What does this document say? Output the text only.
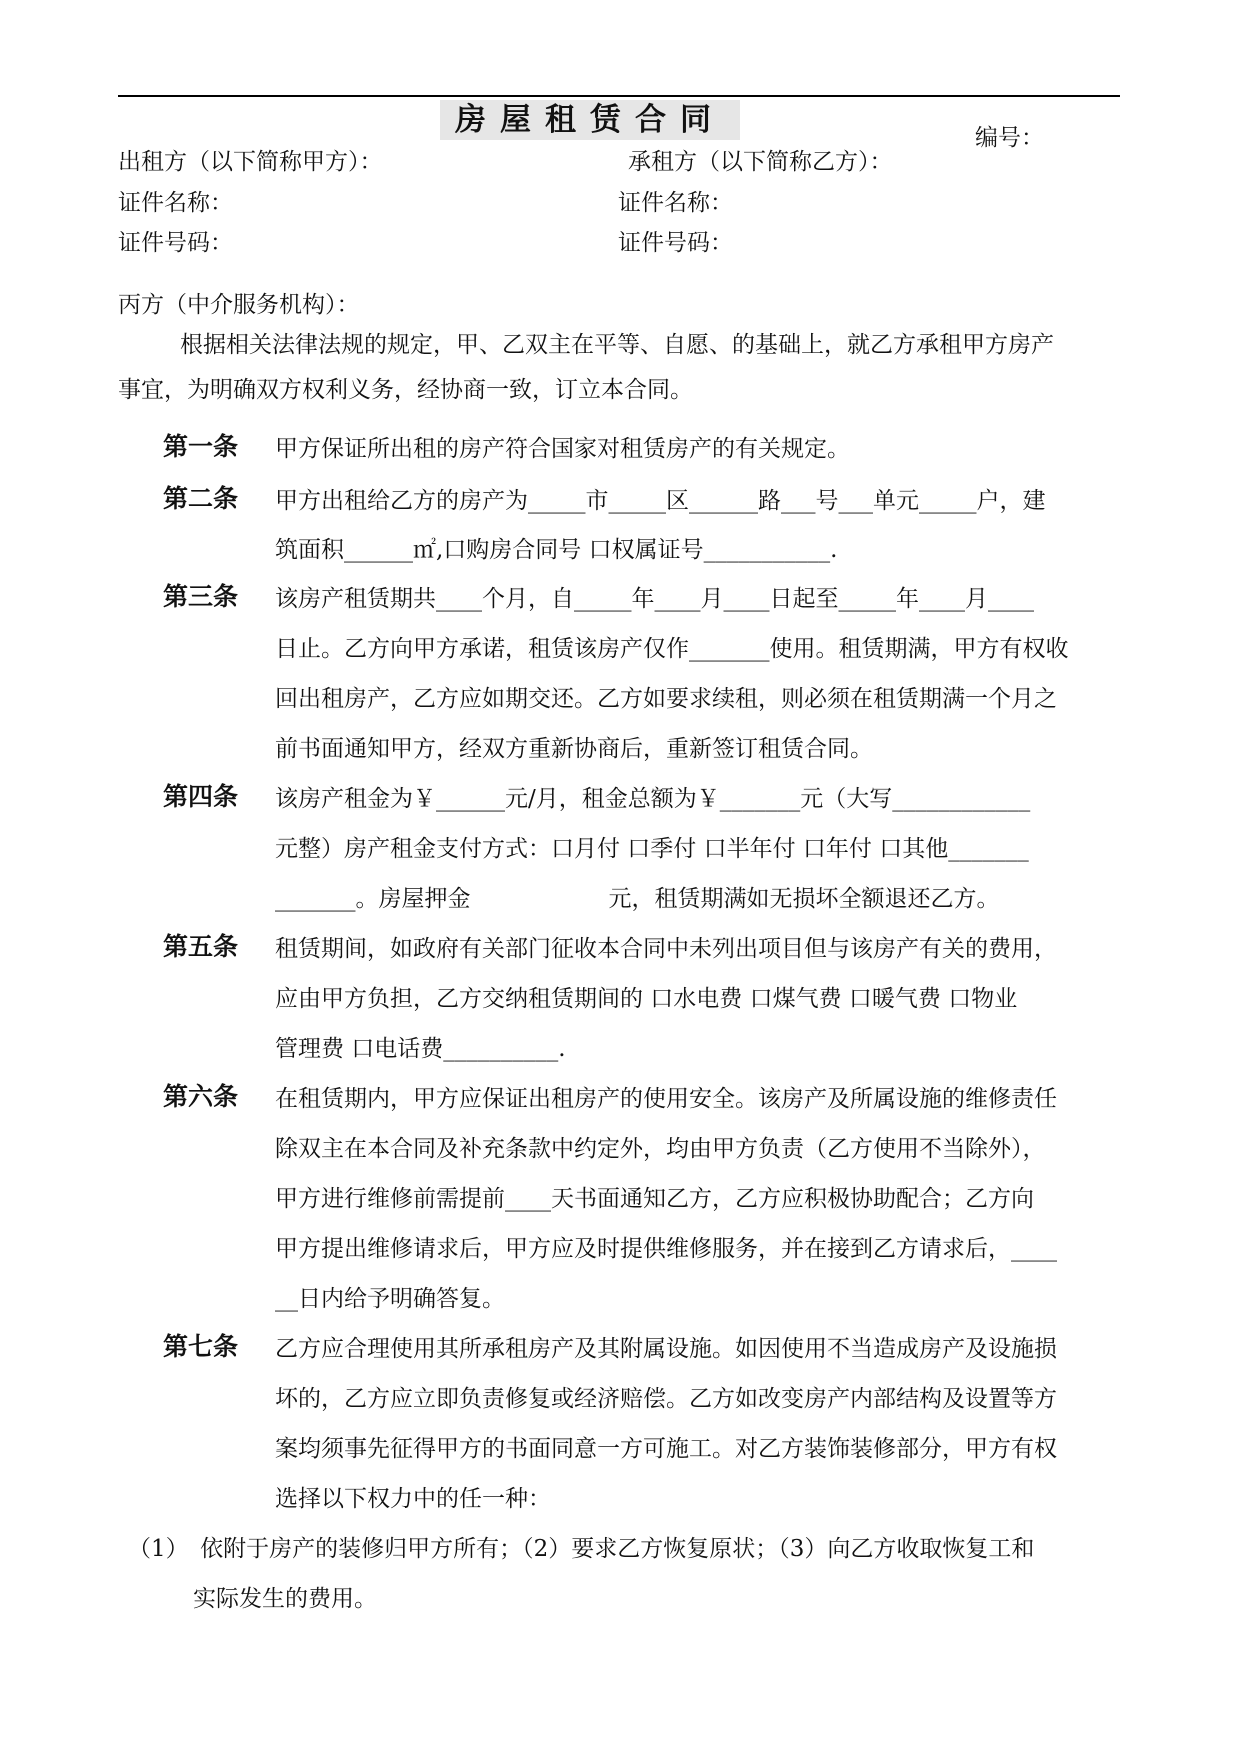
房屋租赁合同	编号：
出租方（以下简称甲方）：	承租方（以下简称乙方）：
证件名称：	证件名称：
证件号码：	证件号码：
丙方（中介服务机构）：
根据相关法律法规的规定，甲、乙双主在平等、自愿、的基础上，就乙方承租甲方房产
事宜，为明确双方权利义务，经协商一致，订立本合同。
第一条 甲方保证所出租的房产符合国家对租赁房产的有关规定。
第二条 甲方出租给乙方的房产为_____市_____区______路___号___单元_____户，建
筑面积______㎡,口购房合同号 口权属证号___________.
第三条 该房产租赁期共____个月，自_____年____月____日起至_____年____月____
日止。乙方向甲方承诺，租赁该房产仅作_______使用。租赁期满，甲方有权收
回出租房产，乙方应如期交还。乙方如要求续租，则必须在租赁期满一个月之
前书面通知甲方，经双方重新协商后，重新签订租赁合同。
第四条 该房产租金为￥______元/月，租金总额为￥_______元（大写____________
元整）房产租金支付方式：口月付 口季付 口半年付 口年付 口其他_______
_______。房屋押金　　　　　　元，租赁期满如无损坏全额退还乙方。
第五条 租赁期间，如政府有关部门征收本合同中未列出项目但与该房产有关的费用，
应由甲方负担，乙方交纳租赁期间的 口水电费 口煤气费 口暖气费 口物业
管理费 口电话费__________.
第六条 在租赁期内，甲方应保证出租房产的使用安全。该房产及所属设施的维修责任
除双主在本合同及补充条款中约定外，均由甲方负责（乙方使用不当除外），
甲方进行维修前需提前____天书面通知乙方，乙方应积极协助配合；乙方向
甲方提出维修请求后，甲方应及时提供维修服务，并在接到乙方请求后，____
__日内给予明确答复。
第七条 乙方应合理使用其所承租房产及其附属设施。如因使用不当造成房产及设施损
坏的，乙方应立即负责修复或经济赔偿。乙方如改变房产内部结构及设置等方
案均须事先征得甲方的书面同意一方可施工。对乙方装饰装修部分，甲方有权
选择以下权力中的任一种：
（1）　依附于房产的装修归甲方所有；（2）要求乙方恢复原状；（3）向乙方收取恢复工和
实际发生的费用。
